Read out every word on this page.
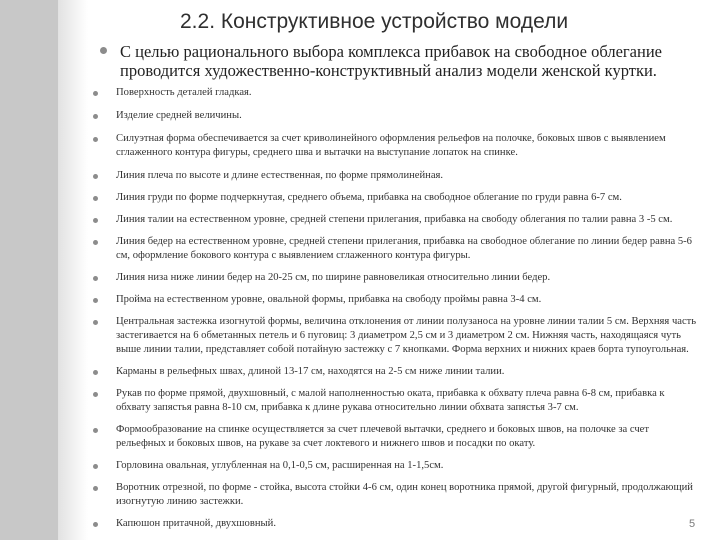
2.2. Конструктивное устройство модели
С целью рационального выбора комплекса прибавок на свободное облегание проводится художественно-конструктивный анализ модели женской куртки.
Поверхность деталей гладкая.
Изделие средней величины.
Силуэтная форма обеспечивается за счет криволинейного оформления рельефов на полочке, боковых швов с выявлением сглаженного контура фигуры, среднего шва и вытачки на выступание лопаток на спинке.
Линия плеча по высоте и длине естественная, по форме прямолинейная.
Линия груди по форме подчеркнутая, среднего объема, прибавка на свободное облегание по груди равна 6-7 см.
Линия талии на естественном уровне, средней степени прилегания, прибавка на свободу облегания по талии равна 3 -5 см.
Линия бедер на естественном уровне, средней степени прилегания, прибавка на свободное облегание по линии бедер равна 5-6 см, оформление бокового контура с выявлением сглаженного контура фигуры.
Линия низа ниже линии бедер на 20-25 см, по ширине равновеликая относительно линии бедер.
Пройма на естественном уровне, овальной формы, прибавка на свободу проймы равна 3-4 см.
Центральная застежка изогнутой формы, величина отклонения от линии полузаноса на уровне линии талии 5 см. Верхняя часть застегивается на 6 обметанных петель и 6 пуговиц: 3 диаметром 2,5 см и 3 диаметром 2 см. Нижняя часть, находящаяся чуть выше линии талии, представляет собой потайную застежку с 7 кнопками. Форма верхних и нижних краев борта тупоугольная.
Карманы в рельефных швах, длиной 13-17 см, находятся на 2-5 см ниже линии талии.
Рукав по форме прямой, двухшовный, с малой наполненностью оката, прибавка к обхвату плеча равна 6-8 см, прибавка к обхвату запястья равна 8-10 см, прибавка к длине рукава относительно линии обхвата запястья 3-7 см.
Формообразование на спинке осуществляется за счет плечевой вытачки, среднего и боковых швов, на полочке за счет рельефных и боковых швов, на рукаве за счет локтевого и нижнего швов и посадки по окату.
Горловина овальная, углубленная на 0,1-0,5 см, расширенная на 1-1,5см.
Воротник отрезной, по форме - стойка, высота стойки 4-6 см, один конец воротника прямой, другой фигурный, продолжающий изогнутую линию застежки.
Капюшон притачной, двухшовный.	5
